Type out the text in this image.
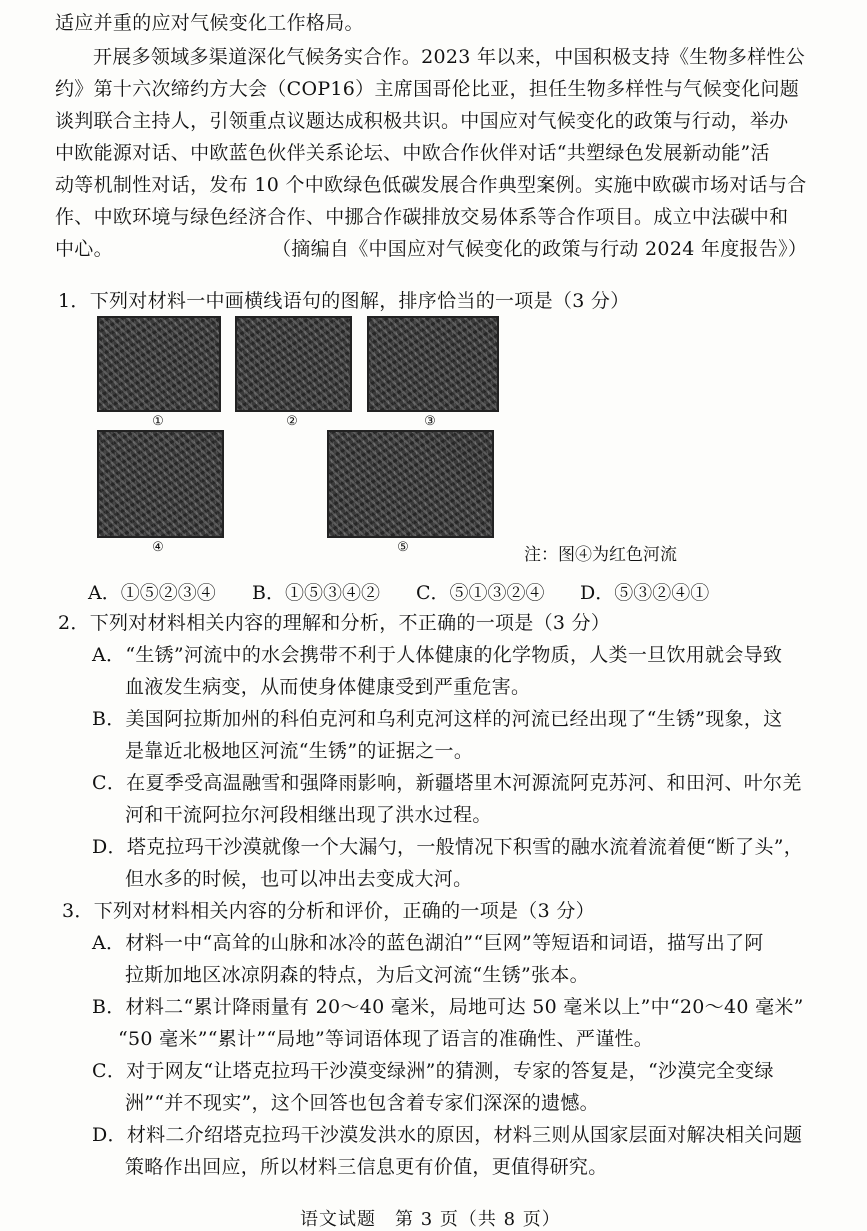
适应并重的应对气候变化工作格局。
开展多领域多渠道深化气候务实合作。2023 年以来，中国积极支持《生物多样性公
约》第十六次缔约方大会（COP16）主席国哥伦比亚，担任生物多样性与气候变化问题
谈判联合主持人，引领重点议题达成积极共识。中国应对气候变化的政策与行动，举办
中欧能源对话、中欧蓝色伙伴关系论坛、中欧合作伙伴对话“共塑绿色发展新动能”活
动等机制性对话，发布 10 个中欧绿色低碳发展合作典型案例。实施中欧碳市场对话与合
作、中欧环境与绿色经济合作、中挪合作碳排放交易体系等合作项目。成立中法碳中和
中心。	（摘编自《中国应对气候变化的政策与行动 2024 年度报告》）
1．下列对材料一中画横线语句的图解，排序恰当的一项是（3 分）
①	②	③
④	⑤	注：图④为红色河流
A．①⑤②③④ B．①⑤③④② C．⑤①③②④ D．⑤③②④①
2．下列对材料相关内容的理解和分析，不正确的一项是（3 分）
A．“生锈”河流中的水会携带不利于人体健康的化学物质，人类一旦饮用就会导致
血液发生病变，从而使身体健康受到严重危害。
B．美国阿拉斯加州的科伯克河和乌利克河这样的河流已经出现了“生锈”现象，这
是靠近北极地区河流“生锈”的证据之一。
C．在夏季受高温融雪和强降雨影响，新疆塔里木河源流阿克苏河、和田河、叶尔羌
河和干流阿拉尔河段相继出现了洪水过程。
D．塔克拉玛干沙漠就像一个大漏勺，一般情况下积雪的融水流着流着便“断了头”，
但水多的时候，也可以冲出去变成大河。
3．下列对材料相关内容的分析和评价，正确的一项是（3 分）
A．材料一中“高耸的山脉和冰冷的蓝色湖泊”“巨网”等短语和词语，描写出了阿
拉斯加地区冰凉阴森的特点，为后文河流“生锈”张本。
B．材料二“累计降雨量有 20～40 毫米，局地可达 50 毫米以上”中“20～40 毫米”
“50 毫米”“累计”“局地”等词语体现了语言的准确性、严谨性。
C．对于网友“让塔克拉玛干沙漠变绿洲”的猜测，专家的答复是，“沙漠完全变绿
洲”“并不现实”，这个回答也包含着专家们深深的遗憾。
D．材料二介绍塔克拉玛干沙漠发洪水的原因，材料三则从国家层面对解决相关问题
策略作出回应，所以材料三信息更有价值，更值得研究。
语文试题　第 3 页（共 8 页）
